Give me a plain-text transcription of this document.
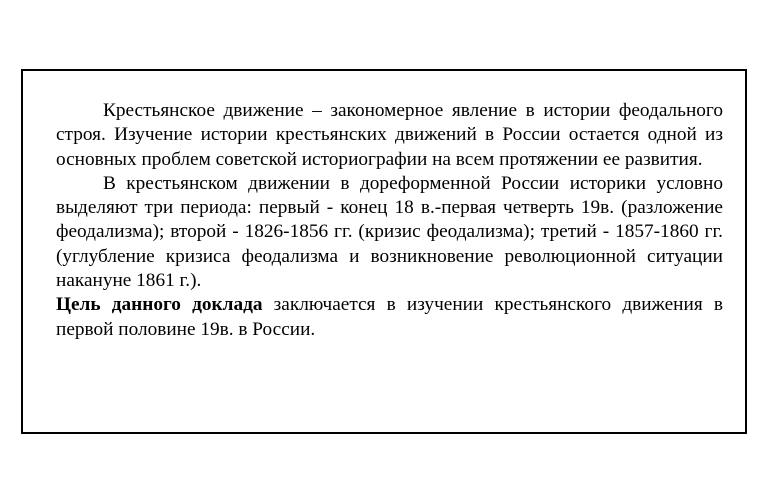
Крестьянское движение – закономерное явление в истории феодального строя. Изучение истории крестьянских движений в России остается одной из основных проблем советской историографии на всем протяжении ее развития.

В крестьянском движении в дореформенной России историки условно выделяют три периода: первый - конец 18 в.-первая четверть 19в. (разложение феодализма); второй - 1826-1856 гг. (кризис феодализма); третий - 1857-1860 гг. (углубление кризиса феодализма и возникновение революционной ситуации накануне 1861 г.).

Цель данного доклада заключается в изучении крестьянского движения в первой половине 19в. в России.
